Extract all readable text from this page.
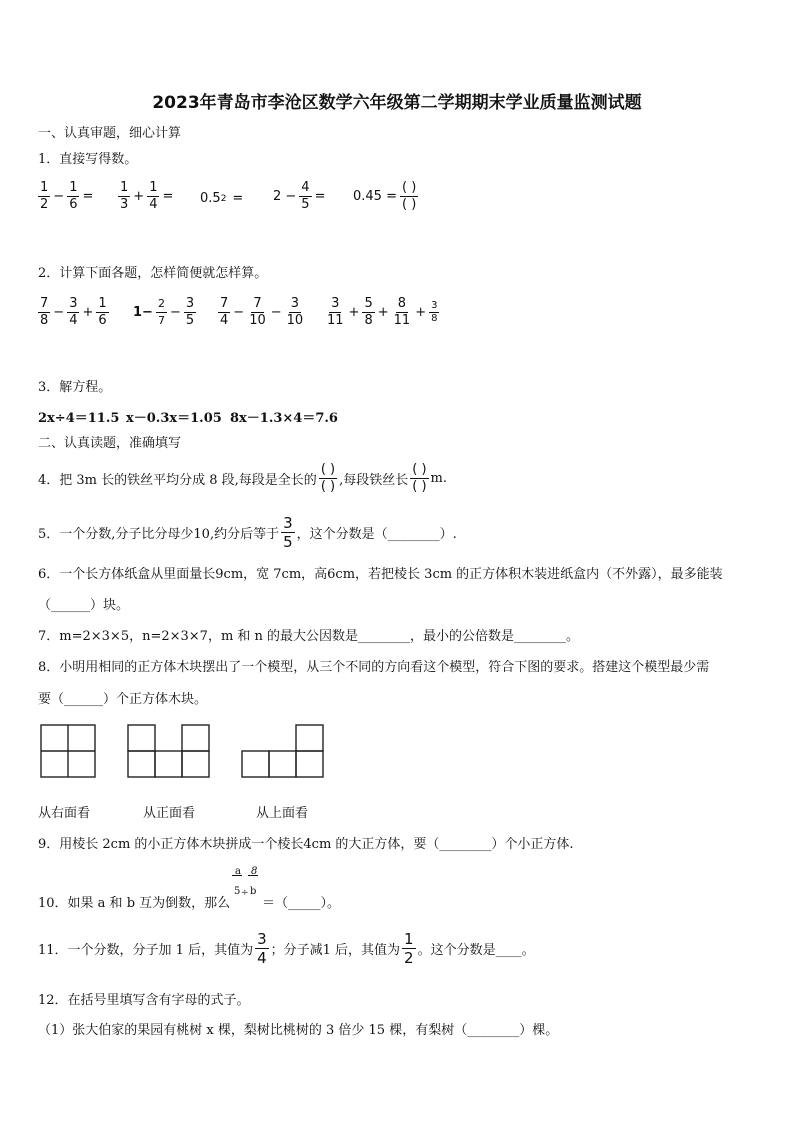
2023年青岛市李沧区数学六年级第二学期期末学业质量监测试题
一、认真审题，细心计算
1．直接写得数。
$\frac{1}{2} - \frac{1}{6} = \frac{1}{3} + \frac{1}{4} = 0.5$ $2 = 2 - \frac{4}{5} = 0.45 = \frac{( )}{( )}$
2．计算下面各题，怎样简便就怎样算。
$\frac{7}{8} - \frac{3}{4} + \frac{1}{6} 1- \frac{2}{7} - \frac{3}{5} \frac{7}{4} - \frac{7}{10} - \frac{3}{10} \frac{3}{11} + \frac{5}{8} + \frac{8}{11} + \frac{3}{8}$
3．解方程。
2x÷4＝11.5 x－0.3x＝1.05 8x－1.3×4＝7.6
二、认真读题，准确填写
4．把 3m 长的铁丝平均分成 8 段,每段是全长的 $\frac{( )}{( )}$ ,每段铁丝长 $\frac{( )}{( )} m$.
5．一个分数,分子比分母少10,约分后等于 $\frac{3}{5}$ ，这个分数是（________）.
6．一个长方体纸盒从里面量长9cm，宽 7cm，高6cm，若把棱长 3cm 的正方体积木装进纸盒内（不外露），最多能装
（______）块。
7．m=2×3×5，n=2×3×7，m 和 n 的最大公因数是________，最小的公倍数是________。
8．小明用相同的正方体木块摆出了一个模型，从三个不同的方向看这个模型，符合下图的要求。搭建这个模型最少需
要（______）个正方体木块。
从右面看	从正面看	从上面看
9．用棱长 2cm 的小正方体木块拼成一个棱长4cm 的大正方体，要（________）个小正方体.
10．如果 a 和 b 互为倒数，那么
a
5 ÷
8
b
＝（_____）。
11．一个分数，分子加 1 后，其值为 $\frac{3}{4}$ ；分子减1 后，其值为 $\frac{1}{2}$ 。这个分数是____。
12．在括号里填写含有字母的式子。
（1）张大伯家的果园有桃树 x 棵，梨树比桃树的 3 倍少 15 棵，有梨树（________）棵。
